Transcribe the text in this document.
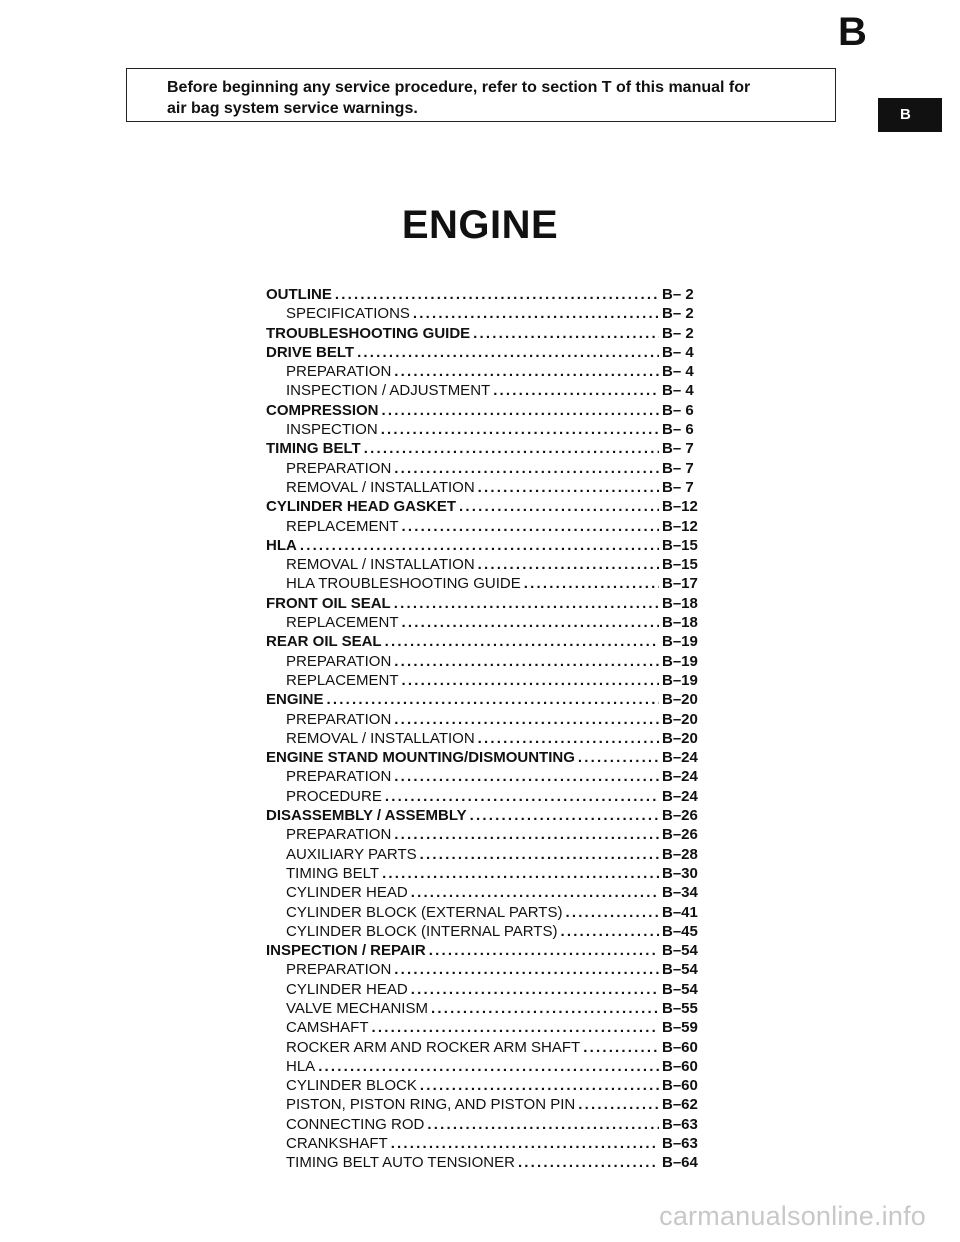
B
B
Before beginning any service procedure, refer to section T of this manual for
air bag system service warnings.
ENGINE
OUTLINE .....	B– 2
SPECIFICATIONS .....	B– 2
TROUBLESHOOTING GUIDE .....	B– 2
DRIVE BELT .....	B– 4
PREPARATION .....	B– 4
INSPECTION / ADJUSTMENT .....	B– 4
COMPRESSION .....	B– 6
INSPECTION .....	B– 6
TIMING BELT .....	B– 7
PREPARATION .....	B– 7
REMOVAL / INSTALLATION .....	B– 7
CYLINDER HEAD GASKET .....	B–12
REPLACEMENT .....	B–12
HLA .....	B–15
REMOVAL / INSTALLATION .....	B–15
HLA TROUBLESHOOTING GUIDE .....	B–17
FRONT OIL SEAL .....	B–18
REPLACEMENT .....	B–18
REAR OIL SEAL .....	B–19
PREPARATION .....	B–19
REPLACEMENT .....	B–19
ENGINE .....	B–20
PREPARATION .....	B–20
REMOVAL / INSTALLATION .....	B–20
ENGINE STAND MOUNTING/DISMOUNTING .....	B–24
PREPARATION .....	B–24
PROCEDURE .....	B–24
DISASSEMBLY / ASSEMBLY .....	B–26
PREPARATION .....	B–26
AUXILIARY PARTS .....	B–28
TIMING BELT .....	B–30
CYLINDER HEAD .....	B–34
CYLINDER BLOCK (EXTERNAL PARTS) .....	B–41
CYLINDER BLOCK (INTERNAL PARTS) .....	B–45
INSPECTION / REPAIR .....	B–54
PREPARATION .....	B–54
CYLINDER HEAD .....	B–54
VALVE MECHANISM .....	B–55
CAMSHAFT .....	B–59
ROCKER ARM AND ROCKER ARM SHAFT .....	B–60
HLA .....	B–60
CYLINDER BLOCK .....	B–60
PISTON, PISTON RING, AND PISTON PIN .....	B–62
CONNECTING ROD .....	B–63
CRANKSHAFT .....	B–63
TIMING BELT AUTO TENSIONER .....	B–64
carmanualsonline.info
